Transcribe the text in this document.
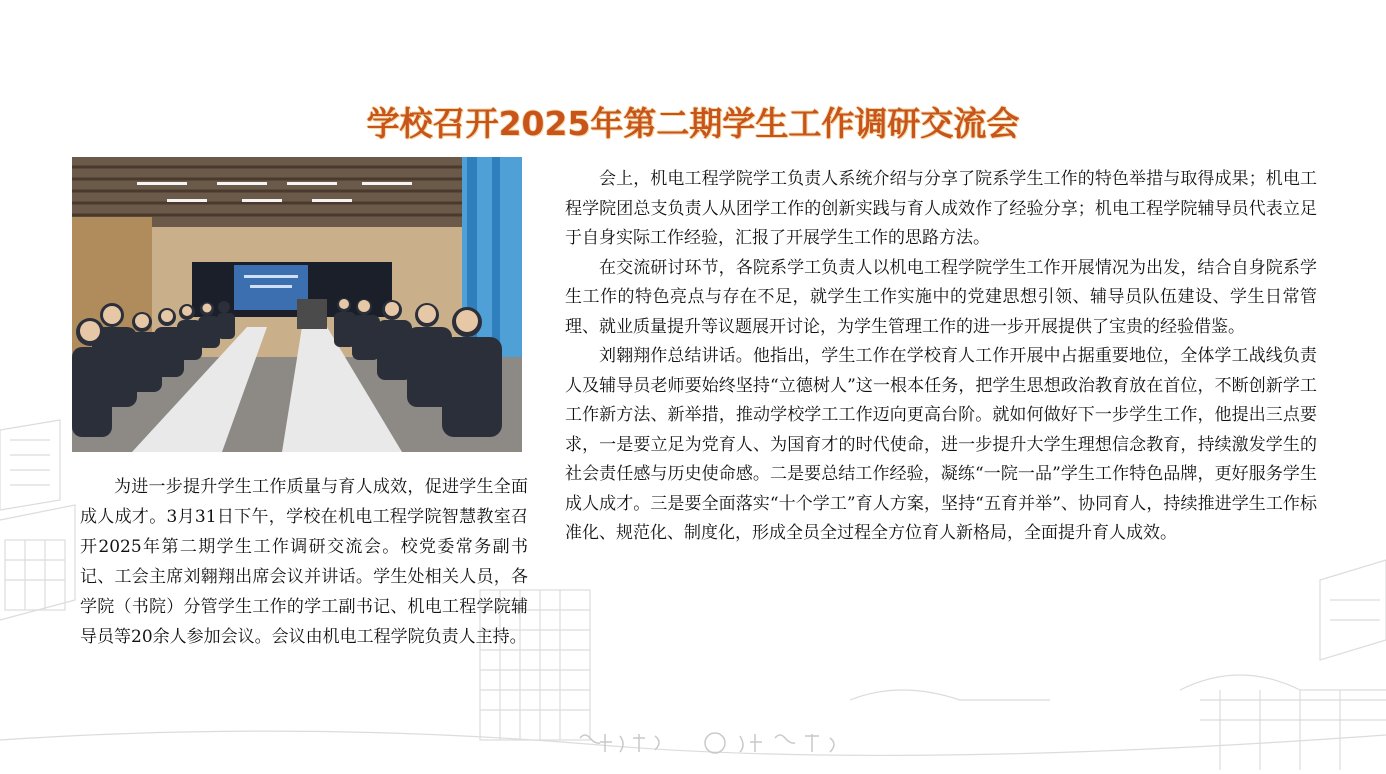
学校召开2025年第二期学生工作调研交流会

为进一步提升学生工作质量与育人成效，促进学生全面成人成才。3月31日下午，学校在机电工程学院智慧教室召开2025年第二期学生工作调研交流会。校党委常务副书记、工会主席刘翱翔出席会议并讲话。学生处相关人员，各学院（书院）分管学生工作的学工副书记、机电工程学院辅导员等20余人参加会议。会议由机电工程学院负责人主持。

会上，机电工程学院学工负责人系统介绍与分享了院系学生工作的特色举措与取得成果；机电工程学院团总支负责人从团学工作的创新实践与育人成效作了经验分享；机电工程学院辅导员代表立足于自身实际工作经验，汇报了开展学生工作的思路方法。

在交流研讨环节，各院系学工负责人以机电工程学院学生工作开展情况为出发，结合自身院系学生工作的特色亮点与存在不足，就学生工作实施中的党建思想引领、辅导员队伍建设、学生日常管理、就业质量提升等议题展开讨论，为学生管理工作的进一步开展提供了宝贵的经验借鉴。

刘翱翔作总结讲话。他指出，学生工作在学校育人工作开展中占据重要地位，全体学工战线负责人及辅导员老师要始终坚持“立德树人”这一根本任务，把学生思想政治教育放在首位，不断创新学工工作新方法、新举措，推动学校学工工作迈向更高台阶。就如何做好下一步学生工作，他提出三点要求，一是要立足为党育人、为国育才的时代使命，进一步提升大学生理想信念教育，持续激发学生的社会责任感与历史使命感。二是要总结工作经验，凝练“一院一品”学生工作特色品牌，更好服务学生成人成才。三是要全面落实“十个学工”育人方案，坚持“五育并举”、协同育人，持续推进学生工作标准化、规范化、制度化，形成全员全过程全方位育人新格局，全面提升育人成效。
